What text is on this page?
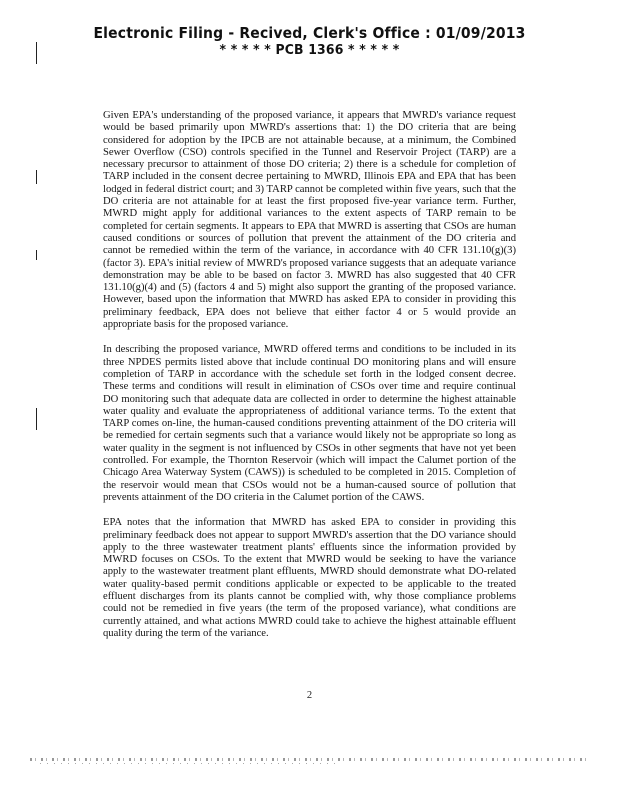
Electronic Filing - Recived, Clerk's Office : 01/09/2013
* * * * * PCB 1366 * * * * *

Given EPA's understanding of the proposed variance, it appears that MWRD's variance request would be based primarily upon MWRD's assertions that: 1) the DO criteria that are being considered for adoption by the IPCB are not attainable because, at a minimum, the Combined Sewer Overflow (CSO) controls specified in the Tunnel and Reservoir Project (TARP) are a necessary precursor to attainment of those DO criteria; 2) there is a schedule for completion of TARP included in the consent decree pertaining to MWRD, Illinois EPA and EPA that has been lodged in federal district court; and 3) TARP cannot be completed within five years, such that the DO criteria are not attainable for at least the first proposed five-year variance term. Further, MWRD might apply for additional variances to the extent aspects of TARP remain to be completed for certain segments. It appears to EPA that MWRD is asserting that CSOs are human caused conditions or sources of pollution that prevent the attainment of the DO criteria and cannot be remedied within the term of the variance, in accordance with 40 CFR 131.10(g)(3) (factor 3). EPA's initial review of MWRD's proposed variance suggests that an adequate variance demonstration may be able to be based on factor 3. MWRD has also suggested that 40 CFR 131.10(g)(4) and (5) (factors 4 and 5) might also support the granting of the proposed variance. However, based upon the information that MWRD has asked EPA to consider in providing this preliminary feedback, EPA does not believe that either factor 4 or 5 would provide an appropriate basis for the proposed variance.

In describing the proposed variance, MWRD offered terms and conditions to be included in its three NPDES permits listed above that include continual DO monitoring plans and will ensure completion of TARP in accordance with the schedule set forth in the lodged consent decree. These terms and conditions will result in elimination of CSOs over time and require continual DO monitoring such that adequate data are collected in order to determine the highest attainable water quality and evaluate the appropriateness of additional variance terms. To the extent that TARP comes on-line, the human-caused conditions preventing attainment of the DO criteria will be remedied for certain segments such that a variance would likely not be appropriate so long as water quality in the segment is not influenced by CSOs in other segments that have not yet been controlled. For example, the Thornton Reservoir (which will impact the Calumet portion of the Chicago Area Waterway System (CAWS)) is scheduled to be completed in 2015. Completion of the reservoir would mean that CSOs would not be a human-caused source of pollution that prevents attainment of the DO criteria in the Calumet portion of the CAWS.

EPA notes that the information that MWRD has asked EPA to consider in providing this preliminary feedback does not appear to support MWRD's assertion that the DO variance should apply to the three wastewater treatment plants' effluents since the information provided by MWRD focuses on CSOs. To the extent that MWRD would be seeking to have the variance apply to the wastewater treatment plant effluents, MWRD should demonstrate what DO-related water quality-based permit conditions applicable or expected to be applicable to the treated effluent discharges from its plants cannot be complied with, why those compliance problems could not be remedied in five years (the term of the proposed variance), what conditions are currently attained, and what actions MWRD could take to achieve the highest attainable effluent quality during the term of the variance.

2
